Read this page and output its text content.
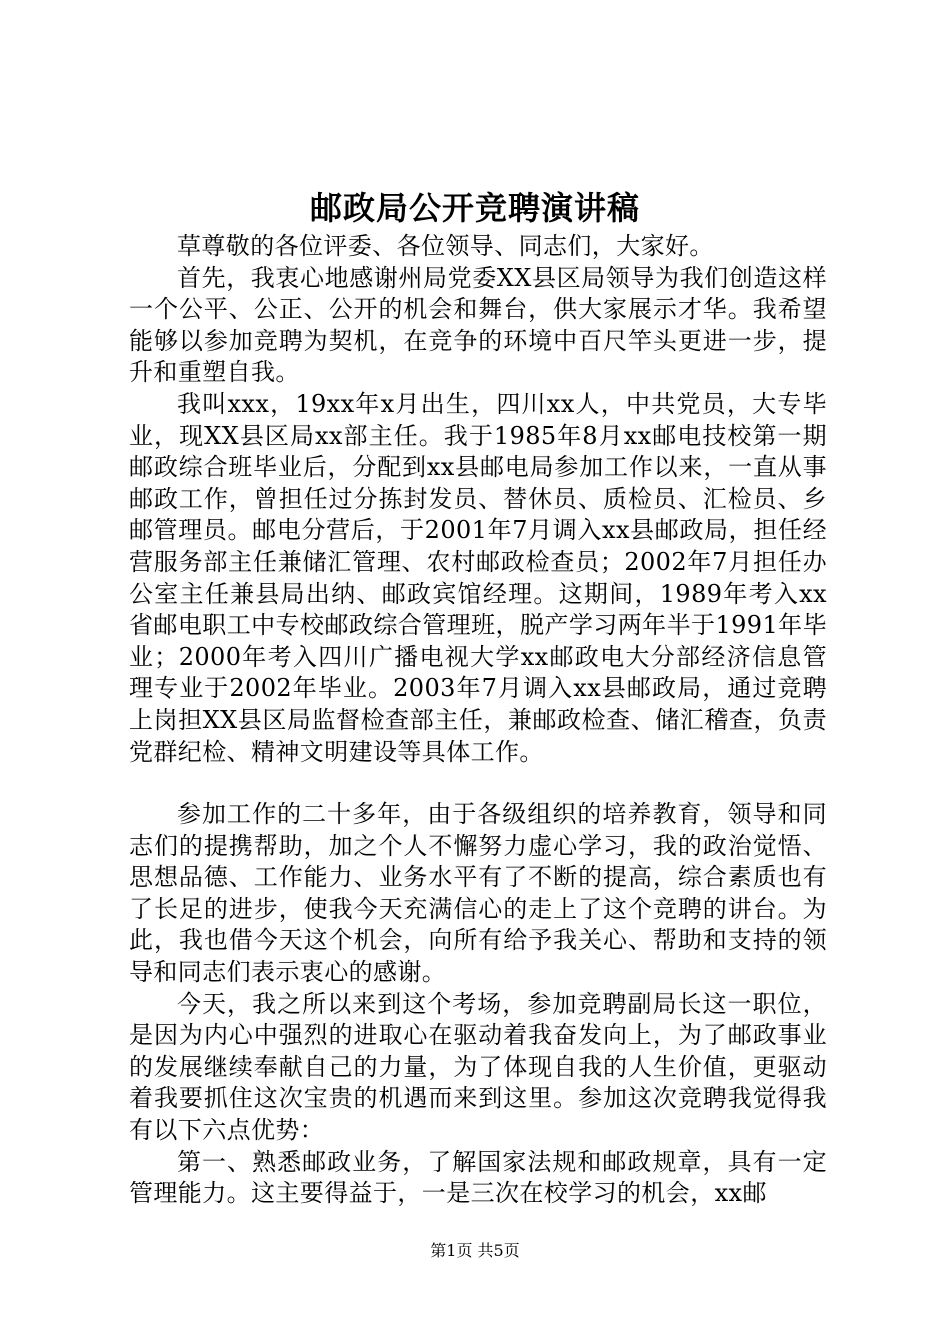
邮政局公开竞聘演讲稿

草尊敬的各位评委、各位领导、同志们，大家好。

首先，我衷心地感谢州局党委XX县区局领导为我们创造这样一个公平、公正、公开的机会和舞台，供大家展示才华。我希望能够以参加竞聘为契机，在竞争的环境中百尺竿头更进一步，提升和重塑自我。

我叫xxx，19xx年x月出生，四川xx人，中共党员，大专毕业，现XX县区局xx部主任。我于1985年8月xx邮电技校第一期邮政综合班毕业后，分配到xx县邮电局参加工作以来，一直从事邮政工作，曾担任过分拣封发员、替休员、质检员、汇检员、乡邮管理员。邮电分营后，于2001年7月调入xx县邮政局，担任经营服务部主任兼储汇管理、农村邮政检查员；2002年7月担任办公室主任兼县局出纳、邮政宾馆经理。这期间，1989年考入xx省邮电职工中专校邮政综合管理班，脱产学习两年半于1991年毕业；2000年考入四川广播电视大学xx邮政电大分部经济信息管理专业于2002年毕业。2003年7月调入xx县邮政局，通过竞聘上岗担XX县区局监督检查部主任，兼邮政检查、储汇稽查，负责党群纪检、精神文明建设等具体工作。

参加工作的二十多年，由于各级组织的培养教育，领导和同志们的提携帮助，加之个人不懈努力虚心学习，我的政治觉悟、思想品德、工作能力、业务水平有了不断的提高，综合素质也有了长足的进步，使我今天充满信心的走上了这个竞聘的讲台。为此，我也借今天这个机会，向所有给予我关心、帮助和支持的领导和同志们表示衷心的感谢。

今天，我之所以来到这个考场，参加竞聘副局长这一职位，是因为内心中强烈的进取心在驱动着我奋发向上，为了邮政事业的发展继续奉献自己的力量，为了体现自我的人生价值，更驱动着我要抓住这次宝贵的机遇而来到这里。参加这次竞聘我觉得我有以下六点优势：

第一、熟悉邮政业务，了解国家法规和邮政规章，具有一定管理能力。这主要得益于，一是三次在校学习的机会，xx邮

第1页 共5页
